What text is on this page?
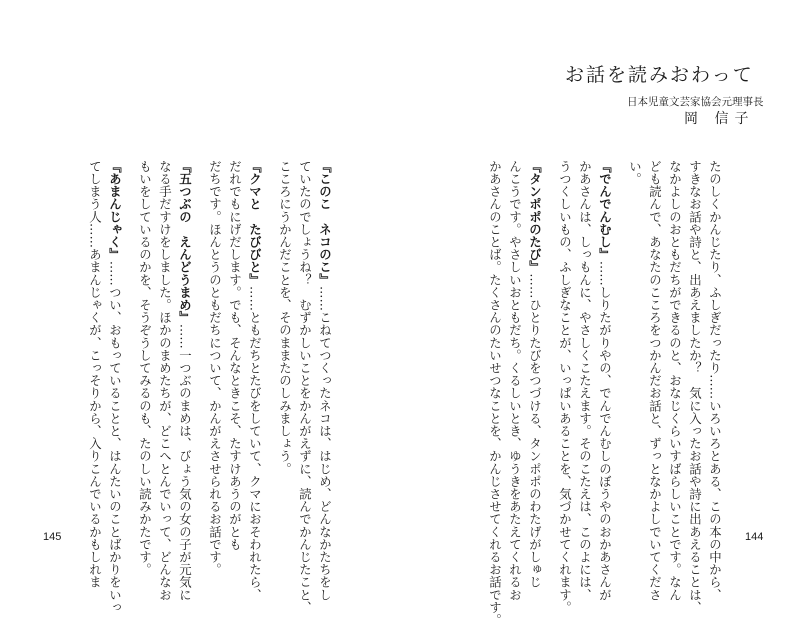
お話を読みおわって
日本児童文芸家協会元理事長
岡 信子
たのしくかんじたり、ふしぎだったり……いろいろとある、この本の中から、
すきなお話や詩と、出あえましたか？　気に入ったお話や詩に出あえることは、
なかよしのおともだちができるのと、おなじくらいすばらしいことです。なん
ども読んで、あなたのこころをつかんだお話と、ずっとなかよしでいてくださ
い。
『でんでんむし』……しりたがりやの、でんでんむしのぼうやのおかあさんが
かあさんは、しっもんに、やさしくこたえます。そのこたえは、このよには、
うつくしいもの、ふしぎなことが、いっぱいあることを、気づかせてくれます。
『タンポポのたび』……ひとりたびをつづける、タンポポのわたげがしゅじ
んこうです。やさしいおともだち。くるしいとき、ゆうきをあたえてくれるお
かあさんのことば。たくさんのたいせつなことを、かんじさせてくれるお話です。	144
『このこ　ネコのこ』……こねてつくったネコは、はじめ、どんなかたちをし
ていたのでしょうね？　むずかしいことをかんがえずに、読んでかんじたこと、
こころにうかんだことを、そのままたのしみましょう。
『クマと　たびびと』……ともだちとたびをしていて、クマにおそわれたら、
だれでもにげだします。でも、そんなときこそ、たすけあうのがとも
だちです。ほんとうのともだちについて、かんがえさせられるお話です。
『五つぶの　えんどうまめ』……一つぶのまめは、びょう気の女の子が元気に
なる手だすけをしました。ほかのまめたちが、どこへとんでいって、どんなお
もいをしているのかを、そうぞうしてみるのも、たのしい読みかたです。
『あまんじゃく』……つい、おもっていることと、はんたいのことばかりをいっ
てしまう人……あまんじゃくが、こっそりから、入りこんでいるかもしれま
145
